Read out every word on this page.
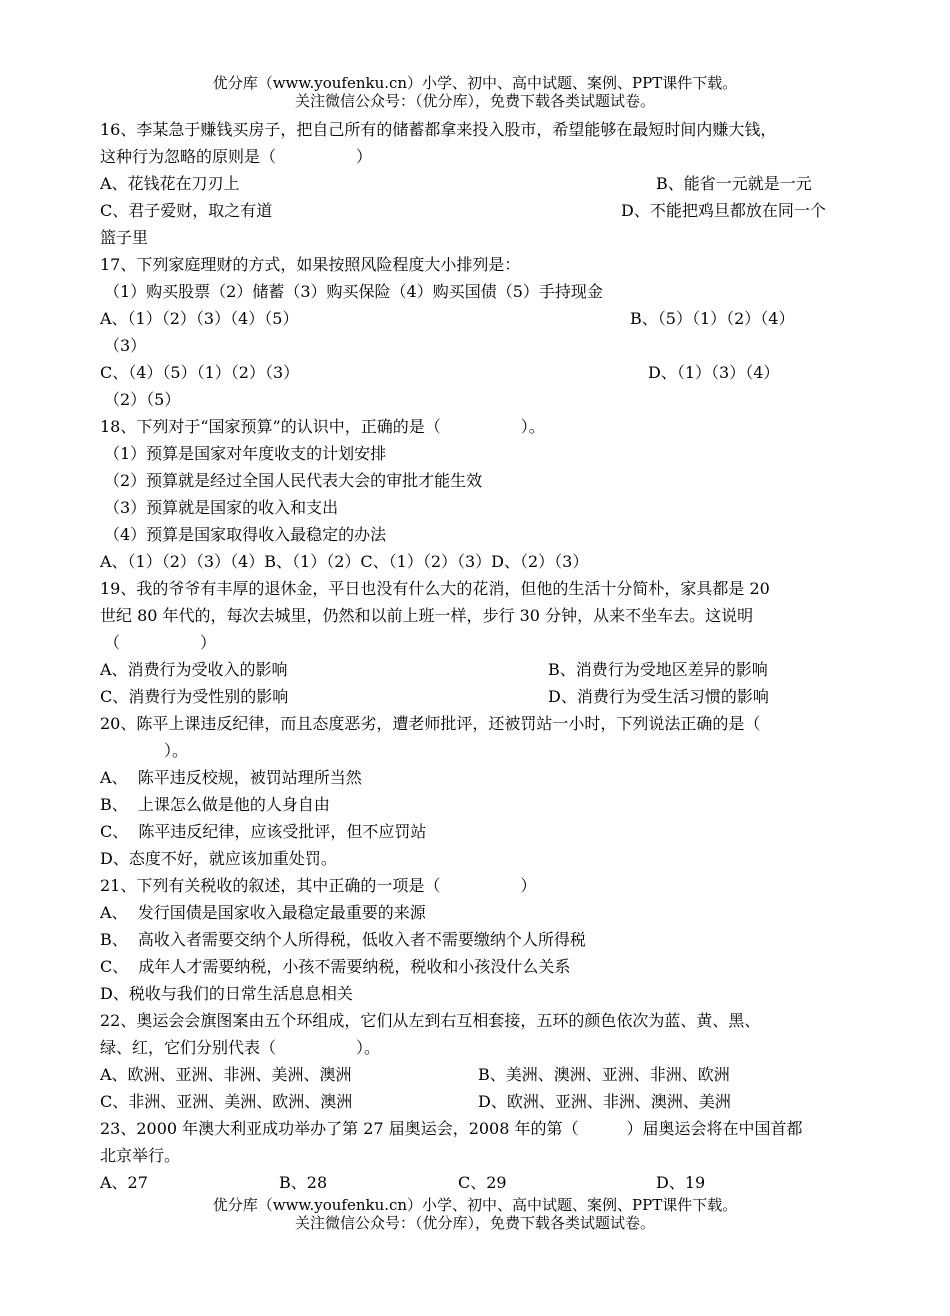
优分库（www.youfenku.cn）小学、初中、高中试题、案例、PPT课件下载。
关注微信公众号：（优分库），免费下载各类试题试卷。
16、李某急于赚钱买房子，把自己所有的储蓄都拿来投入股市，希望能够在最短时间内赚大钱，
这种行为忽略的原则是（　　　　　）
A、花钱花在刀刃上	B、能省一元就是一元
C、君子爱财，取之有道	D、不能把鸡旦都放在同一个
篮子里
17、下列家庭理财的方式，如果按照风险程度大小排列是：
（1）购买股票（2）储蓄（3）购买保险（4）购买国债（5）手持现金
A、（1）（2）（3）（4）（5）	B、（5）（1）（2）（4）
（3）
C、（4）（5）（1）（2）（3）	D、（1）（3）（4）
（2）（5）
18、下列对于“国家预算”的认识中，正确的是（　　　　　）。
（1）预算是国家对年度收支的计划安排
（2）预算就是经过全国人民代表大会的审批才能生效
（3）预算就是国家的收入和支出
（4）预算是国家取得收入最稳定的办法
A、（1）（2）（3）（4）B、（1）（2）C、（1）（2）（3）D、（2）（3）
19、我的爷爷有丰厚的退休金，平日也没有什么大的花消，但他的生活十分简朴，家具都是 20
世纪 80 年代的，每次去城里，仍然和以前上班一样，步行 30 分钟，从来不坐车去。这说明
（　　　　　）
A、消费行为受收入的影响	B、消费行为受地区差异的影响
C、消费行为受性别的影响	D、消费行为受生活习惯的影响
20、陈平上课违反纪律，而且态度恶劣，遭老师批评，还被罚站一小时，下列说法正确的是（
　　　　）。
A、  陈平违反校规，被罚站理所当然
B、  上课怎么做是他的人身自由
C、  陈平违反纪律，应该受批评，但不应罚站
D、态度不好，就应该加重处罚。
21、下列有关税收的叙述，其中正确的一项是（　　　　　）
A、  发行国债是国家收入最稳定最重要的来源
B、  高收入者需要交纳个人所得税，低收入者不需要缴纳个人所得税
C、  成年人才需要纳税，小孩不需要纳税，税收和小孩没什么关系
D、税收与我们的日常生活息息相关
22、奥运会会旗图案由五个环组成，它们从左到右互相套接，五环的颜色依次为蓝、黄、黑、
绿、红，它们分别代表（　　　　　）。
A、欧洲、亚洲、非洲、美洲、澳洲	B、美洲、澳洲、亚洲、非洲、欧洲
C、非洲、亚洲、美洲、欧洲、澳洲	D、欧洲、亚洲、非洲、澳洲、美洲
23、2000 年澳大利亚成功举办了第 27 届奥运会，2008 年的第（　　　）届奥运会将在中国首都
北京举行。
A、27	B、28	C、29	D、19
优分库（www.youfenku.cn）小学、初中、高中试题、案例、PPT课件下载。
关注微信公众号：（优分库），免费下载各类试题试卷。
